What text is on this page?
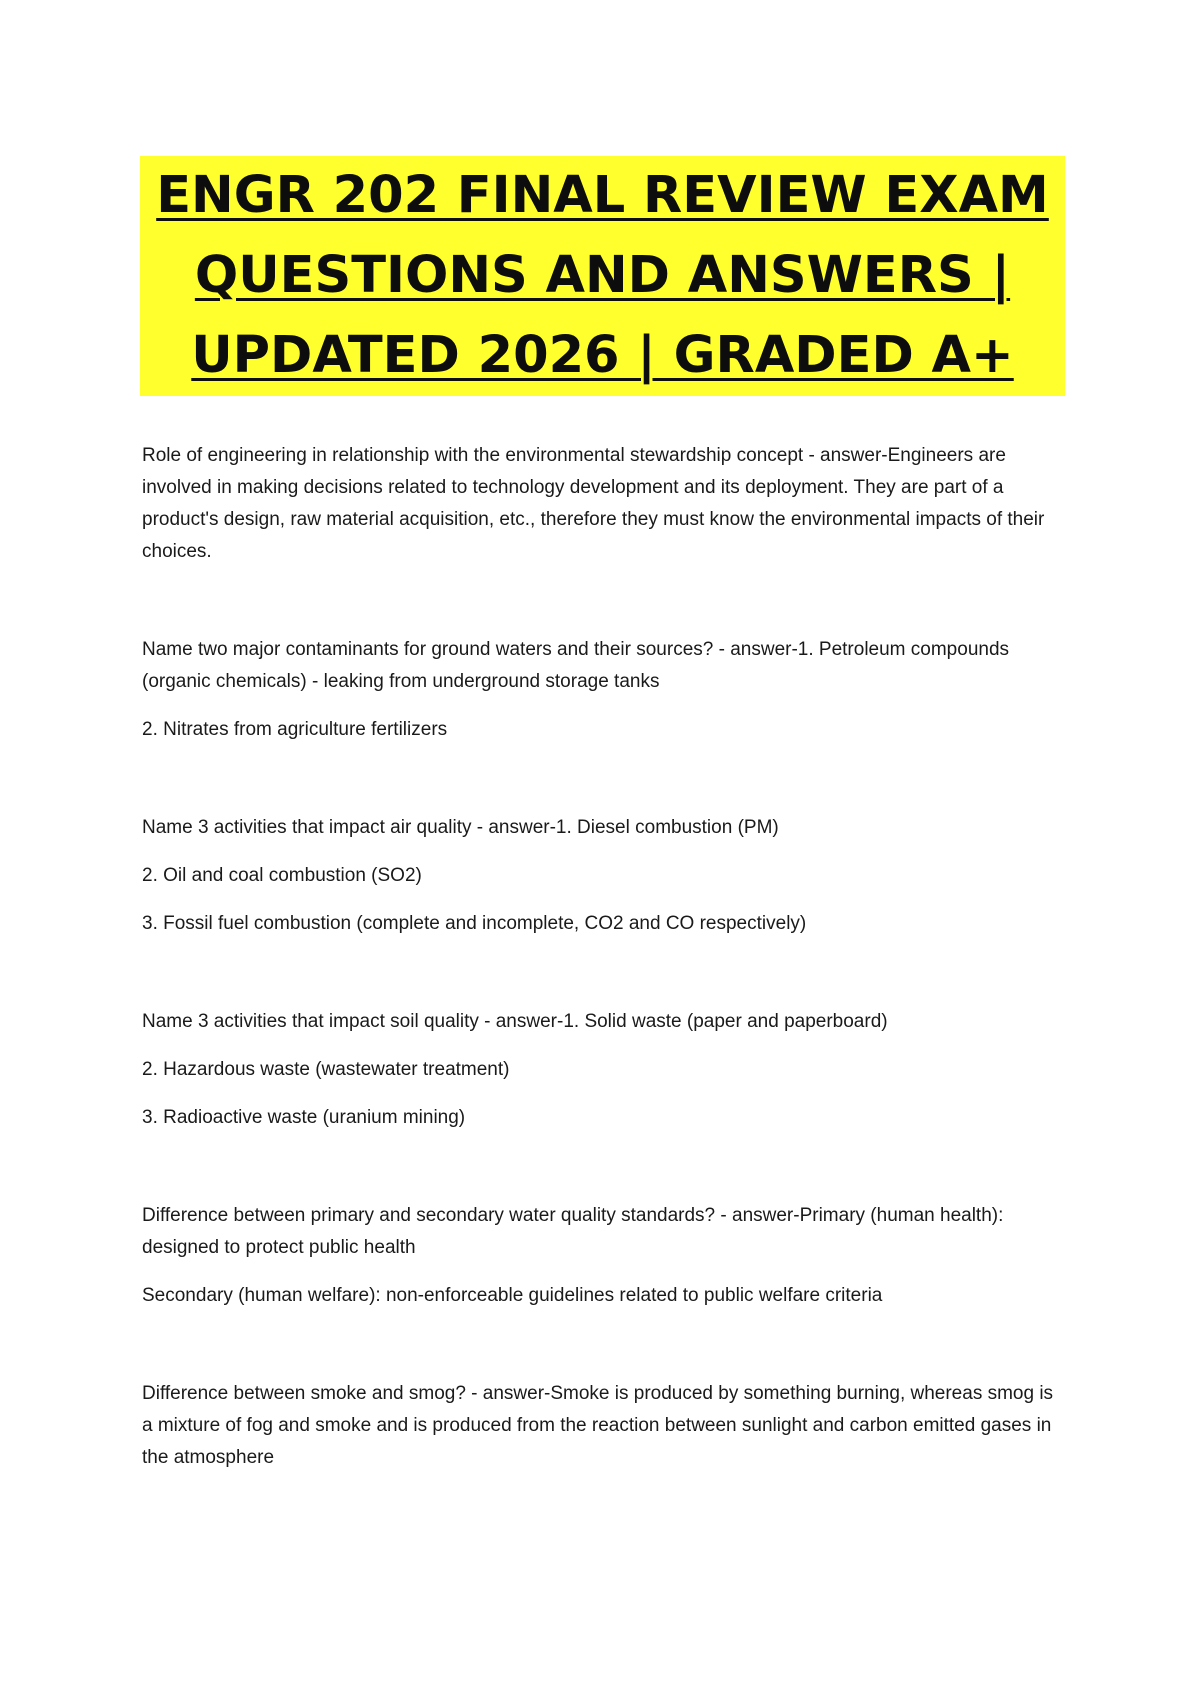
ENGR 202 FINAL REVIEW EXAM
QUESTIONS AND ANSWERS |
UPDATED 2026 | GRADED A+

Role of engineering in relationship with the environmental stewardship concept - answer-Engineers are involved in making decisions related to technology development and its deployment. They are part of a product's design, raw material acquisition, etc., therefore they must know the environmental impacts of their choices.

Name two major contaminants for ground waters and their sources? - answer-1. Petroleum compounds (organic chemicals) - leaking from underground storage tanks

2. Nitrates from agriculture fertilizers

Name 3 activities that impact air quality - answer-1. Diesel combustion (PM)

2. Oil and coal combustion (SO2)

3. Fossil fuel combustion (complete and incomplete, CO2 and CO respectively)

Name 3 activities that impact soil quality - answer-1. Solid waste (paper and paperboard)

2. Hazardous waste (wastewater treatment)

3. Radioactive waste (uranium mining)

Difference between primary and secondary water quality standards? - answer-Primary (human health): designed to protect public health

Secondary (human welfare): non-enforceable guidelines related to public welfare criteria

Difference between smoke and smog? - answer-Smoke is produced by something burning, whereas smog is a mixture of fog and smoke and is produced from the reaction between sunlight and carbon emitted gases in the atmosphere
